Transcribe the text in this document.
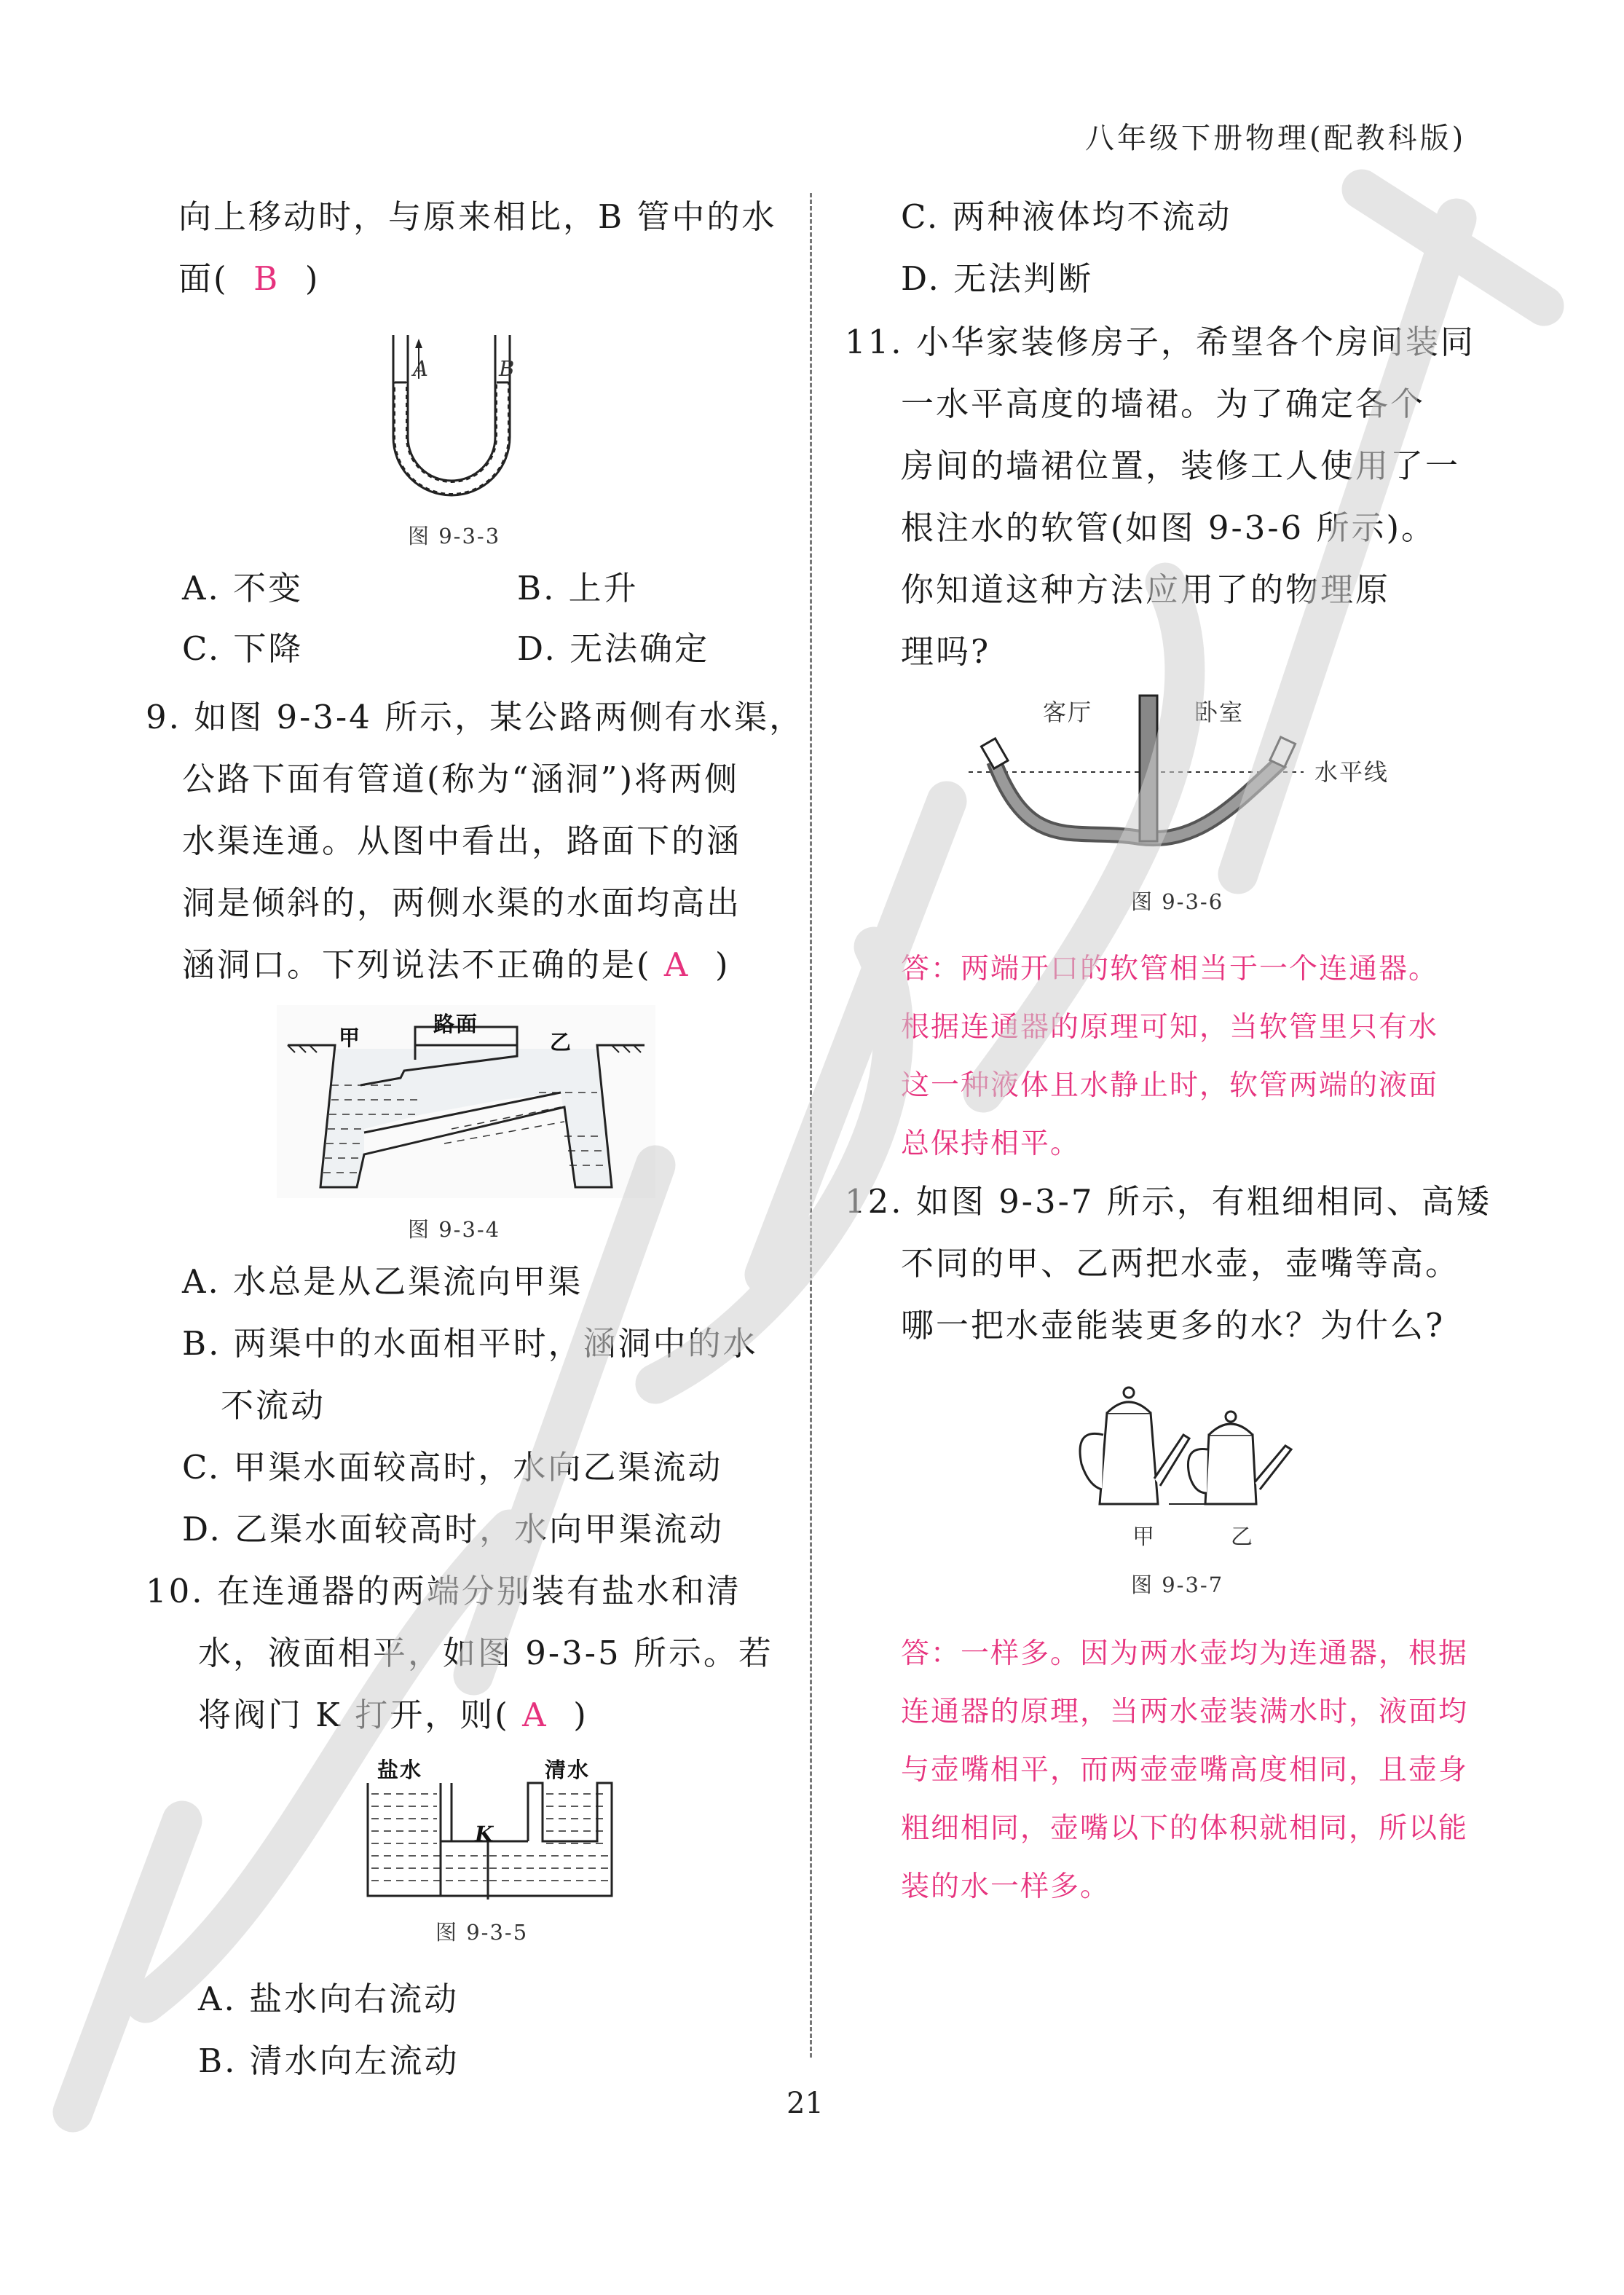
八年级下册物理(配教科版)
向上移动时，与原来相比，B 管中的水
面( B )
A	B
图 9-3-3
A. 不变	B. 上升
C. 下降	D. 无法确定
9. 如图 9-3-4 所示，某公路两侧有水渠，
公路下面有管道(称为“涵洞”)将两侧
水渠连通。从图中看出，路面下的涵
洞是倾斜的，两侧水渠的水面均高出
涵洞口。下列说法不正确的是( A )
甲
路面
乙
图 9-3-4
A. 水总是从乙渠流向甲渠
B. 两渠中的水面相平时，涵洞中的水
不流动
C. 甲渠水面较高时，水向乙渠流动
D. 乙渠水面较高时，水向甲渠流动
10. 在连通器的两端分别装有盐水和清
水，液面相平，如图 9-3-5 所示。若
将阀门 K 打开，则( A )
盐水	清水
K
图 9-3-5
A. 盐水向右流动
B. 清水向左流动
C. 两种液体均不流动
D. 无法判断
11. 小华家装修房子，希望各个房间装同
一水平高度的墙裙。为了确定各个
房间的墙裙位置，装修工人使用了一
根注水的软管(如图 9-3-6 所示)。
你知道这种方法应用了的物理原
理吗?
客厅	卧室
水平线
图 9-3-6
答：两端开口的软管相当于一个连通器。
根据连通器的原理可知，当软管里只有水
这一种液体且水静止时，软管两端的液面
总保持相平。
12. 如图 9-3-7 所示，有粗细相同、高矮
不同的甲、乙两把水壶，壶嘴等高。
哪一把水壶能装更多的水？为什么?
甲	乙
图 9-3-7
答：一样多。因为两水壶均为连通器，根据
连通器的原理，当两水壶装满水时，液面均
与壶嘴相平，而两壶壶嘴高度相同，且壶身
粗细相同，壶嘴以下的体积就相同，所以能
装的水一样多。
21
